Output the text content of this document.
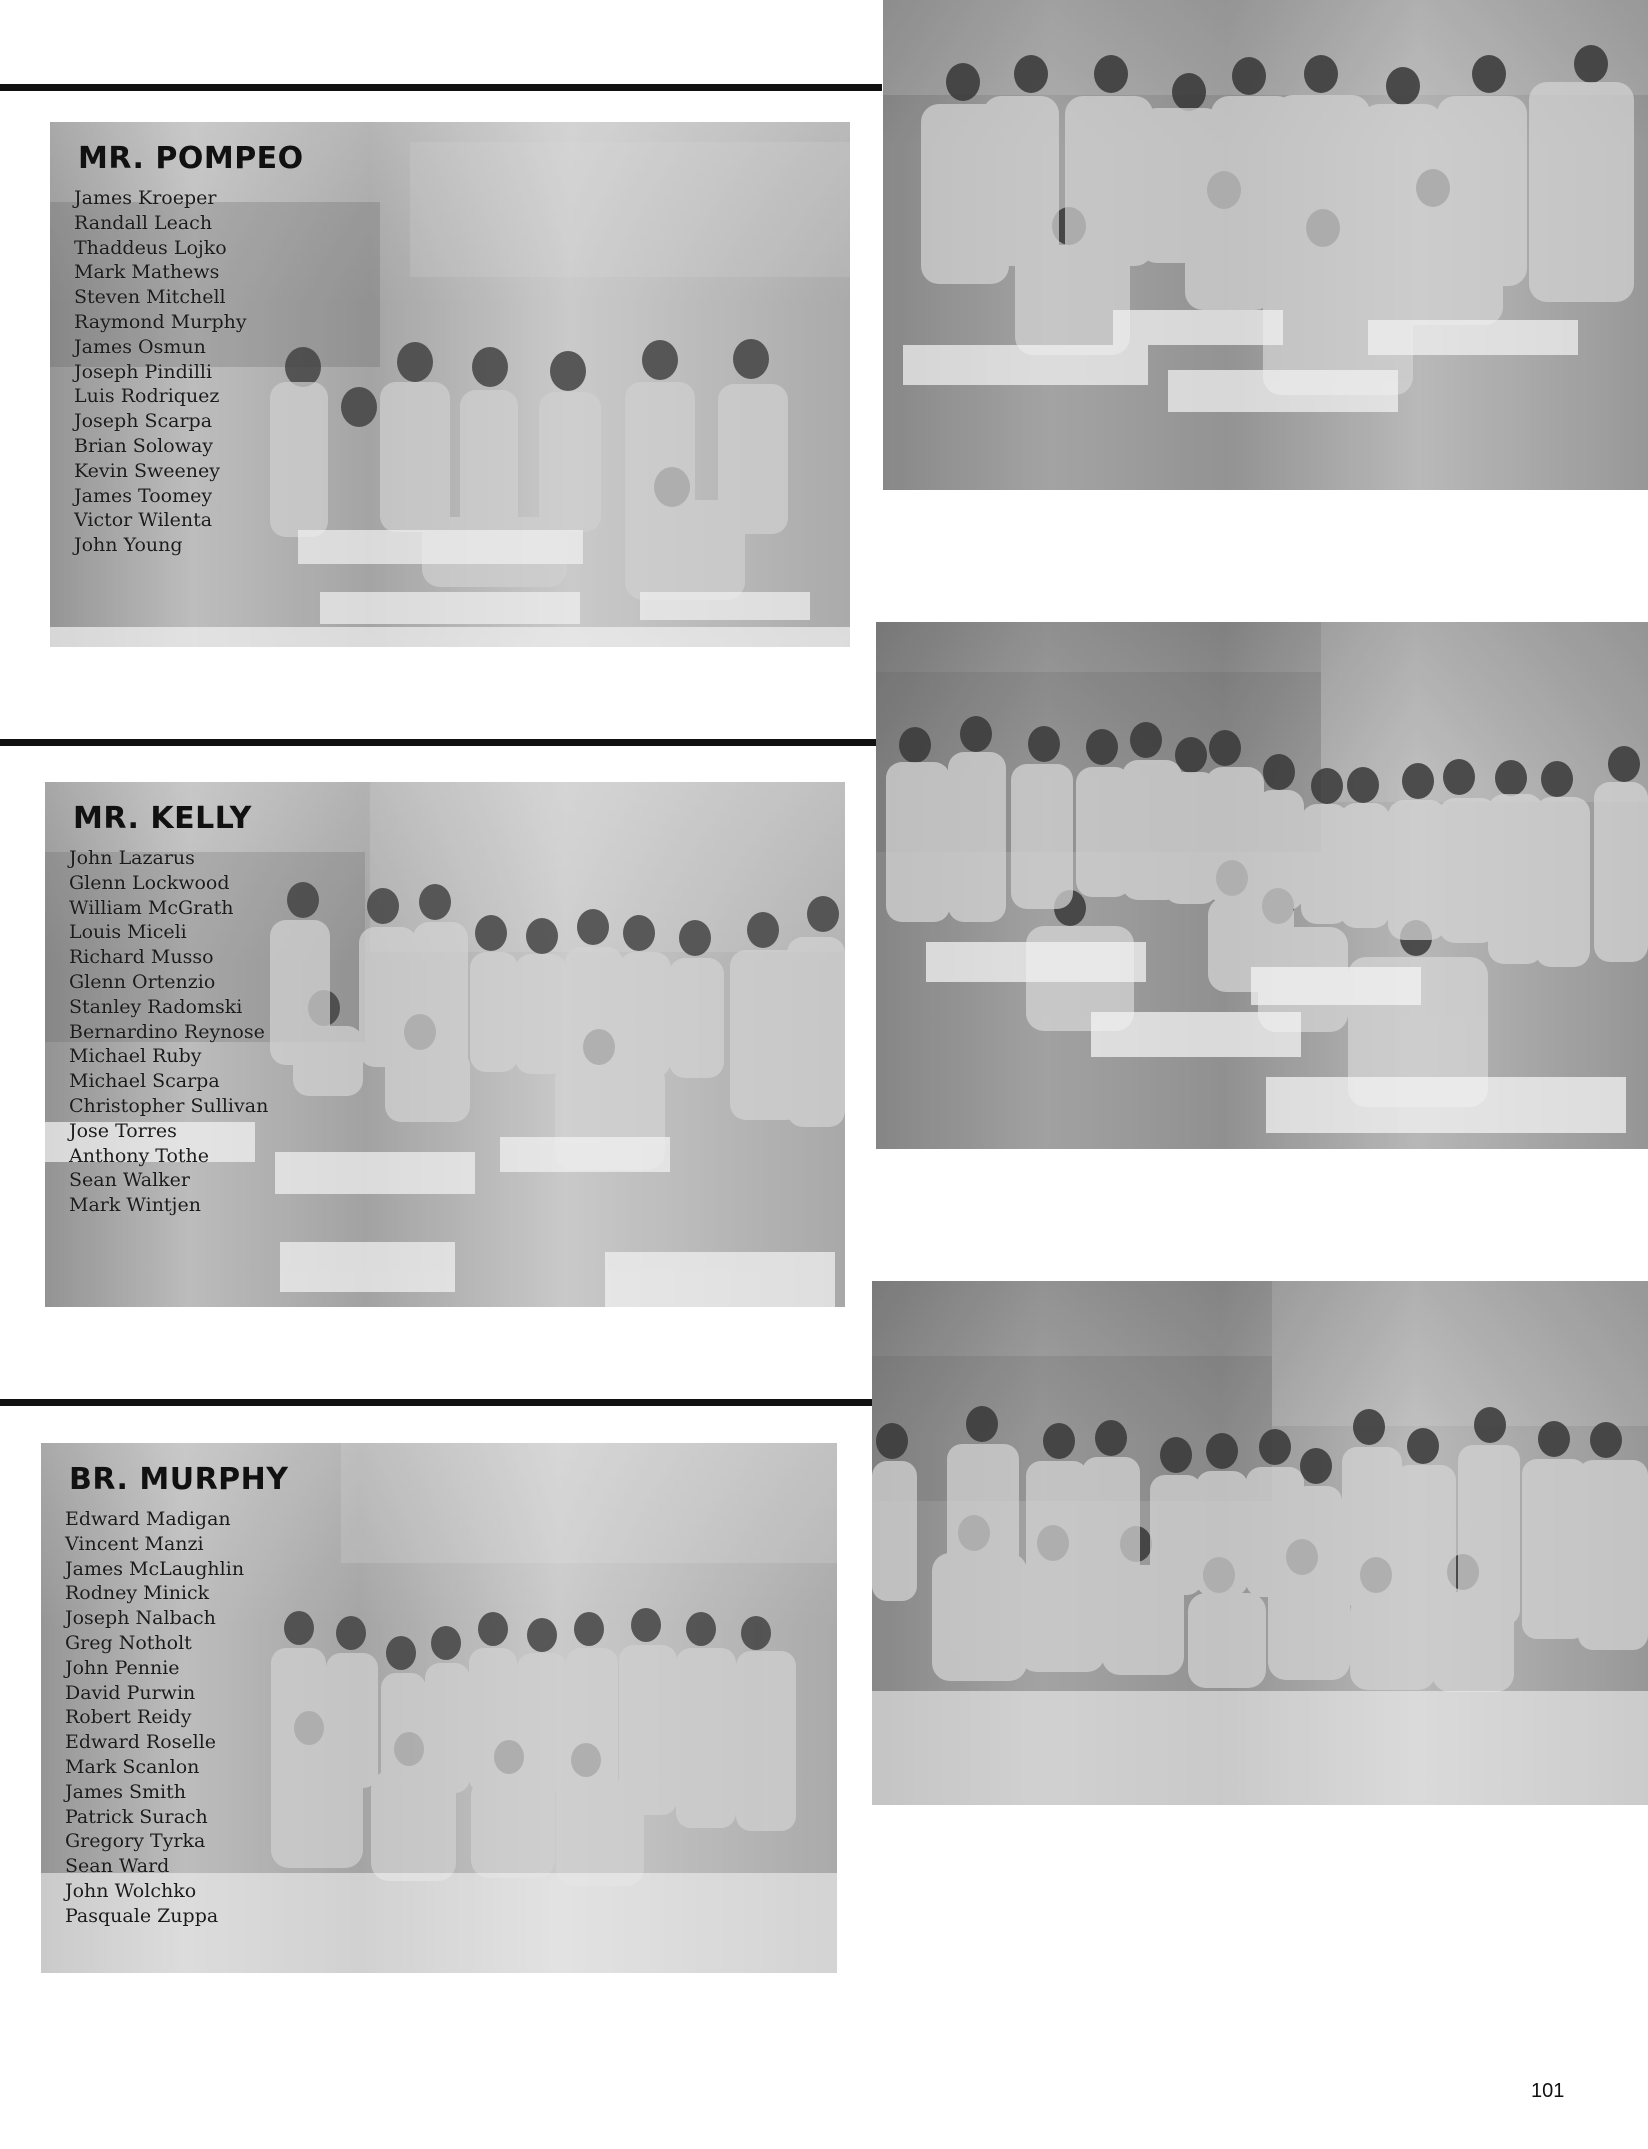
MR. POMPEO
James Kroeper
Randall Leach
Thaddeus Lojko
Mark Mathews
Steven Mitchell
Raymond Murphy
James Osmun
Joseph Pindilli
Luis Rodriquez
Joseph Scarpa
Brian Soloway
Kevin Sweeney
James Toomey
Victor Wilenta
John Young
MR. KELLY
John Lazarus
Glenn Lockwood
William McGrath
Louis Miceli
Richard Musso
Glenn Ortenzio
Stanley Radomski
Bernardino Reynose
Michael Ruby
Michael Scarpa
Christopher Sullivan
Jose Torres
Anthony Tothe
Sean Walker
Mark Wintjen
BR. MURPHY
Edward Madigan
Vincent Manzi
James McLaughlin
Rodney Minick
Joseph Nalbach
Greg Notholt
John Pennie
David Purwin
Robert Reidy
Edward Roselle
Mark Scanlon
James Smith
Patrick Surach
Gregory Tyrka
Sean Ward
John Wolchko
Pasquale Zuppa
101
